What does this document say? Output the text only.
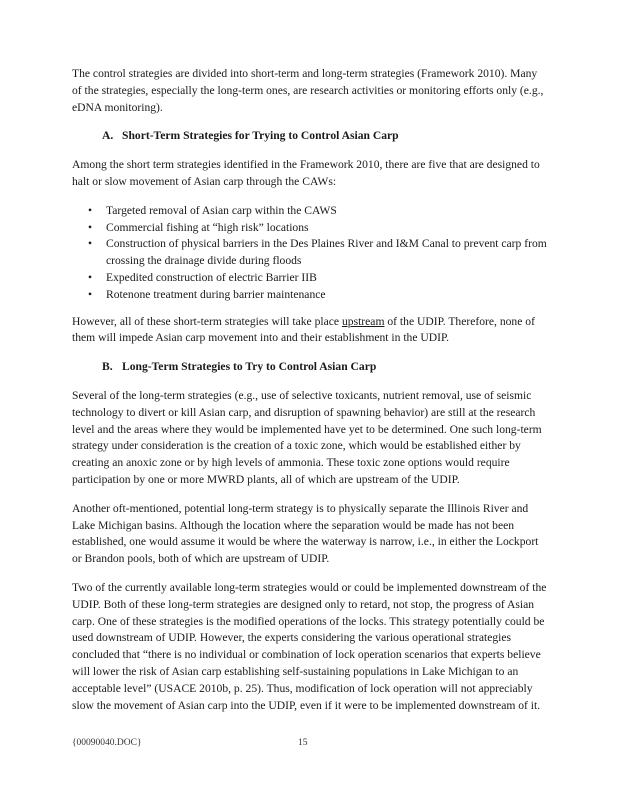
The control strategies are divided into short-term and long-term strategies (Framework 2010). Many of the strategies, especially the long-term ones, are research activities or monitoring efforts only (e.g., eDNA monitoring).

A. Short-Term Strategies for Trying to Control Asian Carp

Among the short term strategies identified in the Framework 2010, there are five that are designed to halt or slow movement of Asian carp through the CAWs:

• Targeted removal of Asian carp within the CAWS
• Commercial fishing at “high risk” locations
• Construction of physical barriers in the Des Plaines River and I&M Canal to prevent carp from crossing the drainage divide during floods
• Expedited construction of electric Barrier IIB
• Rotenone treatment during barrier maintenance

However, all of these short-term strategies will take place upstream of the UDIP. Therefore, none of them will impede Asian carp movement into and their establishment in the UDIP.

B. Long-Term Strategies to Try to Control Asian Carp

Several of the long-term strategies (e.g., use of selective toxicants, nutrient removal, use of seismic technology to divert or kill Asian carp, and disruption of spawning behavior) are still at the research level and the areas where they would be implemented have yet to be determined. One such long-term strategy under consideration is the creation of a toxic zone, which would be established either by creating an anoxic zone or by high levels of ammonia. These toxic zone options would require participation by one or more MWRD plants, all of which are upstream of the UDIP.

Another oft-mentioned, potential long-term strategy is to physically separate the Illinois River and Lake Michigan basins. Although the location where the separation would be made has not been established, one would assume it would be where the waterway is narrow, i.e., in either the Lockport or Brandon pools, both of which are upstream of UDIP.

Two of the currently available long-term strategies would or could be implemented downstream of the UDIP. Both of these long-term strategies are designed only to retard, not stop, the progress of Asian carp. One of these strategies is the modified operations of the locks. This strategy potentially could be used downstream of UDIP. However, the experts considering the various operational strategies concluded that “there is no individual or combination of lock operation scenarios that experts believe will lower the risk of Asian carp establishing self-sustaining populations in Lake Michigan to an acceptable level” (USACE 2010b, p. 25). Thus, modification of lock operation will not appreciably slow the movement of Asian carp into the UDIP, even if it were to be implemented downstream of it.

{00090040.DOC}	15
